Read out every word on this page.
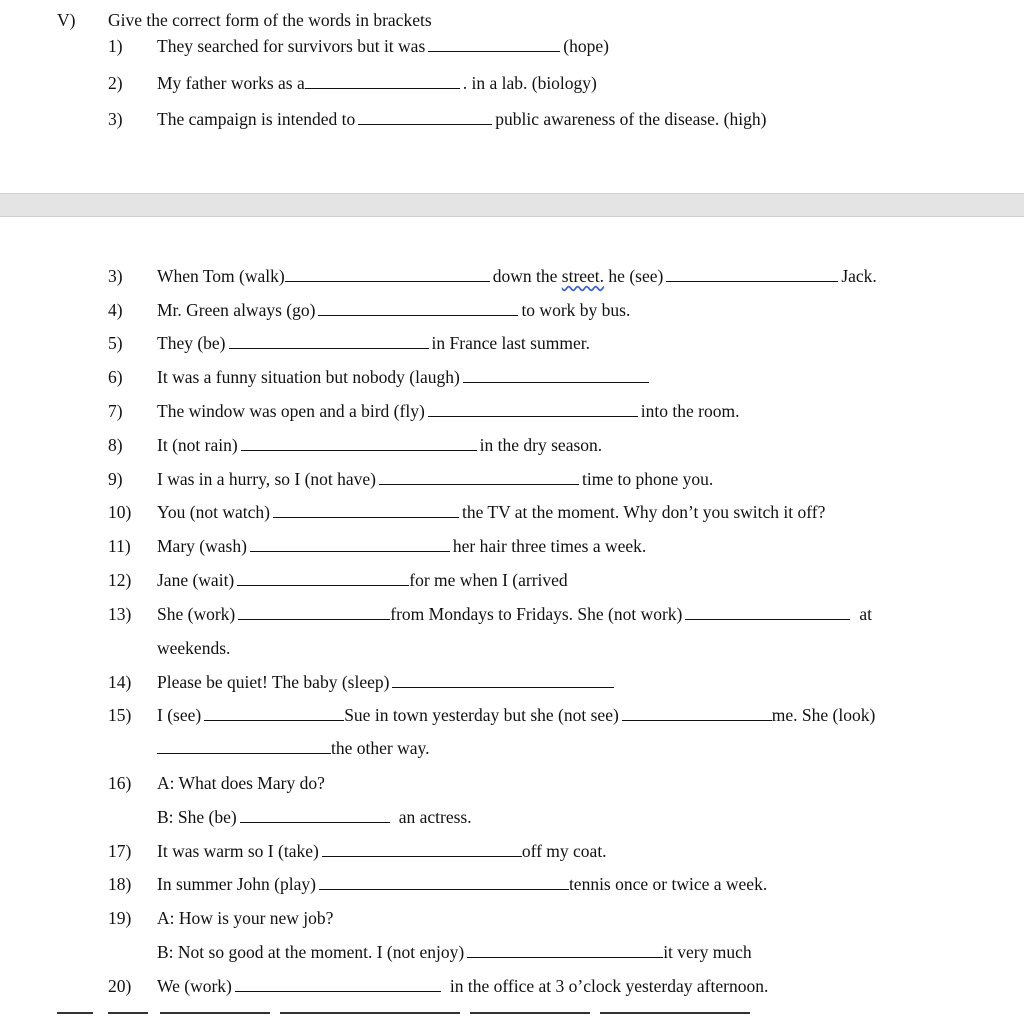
V) Give the correct form of the words in brackets
1) They searched for survivors but it was	(hope)
2) My father works as a	. in a lab. (biology)
3) The campaign is intended to	public awareness of the disease. (high)
3) When Tom (walk)	down the street. he (see)	Jack.
4) Mr. Green always (go)	to work by bus.
5) They (be)	in France last summer.
6) It was a funny situation but nobody (laugh)
7) The window was open and a bird (fly)	into the room.
8) It (not rain)	in the dry season.
9) I was in a hurry, so I (not have)	time to phone you.
10) You (not watch)	the TV at the moment. Why don’t you switch it off?
11) Mary (wash)	her hair three times a week.
12) Jane (wait)	for me when I (arrived
13) She (work)	from Mondays to Fridays. She (not work)	at
weekends.
14) Please be quiet! The baby (sleep)
15) I (see)	Sue in town yesterday but she (not see)	me. She (look)
the other way.
16) A: What does Mary do?
B: She (be)	an actress.
17) It was warm so I (take)	off my coat.
18) In summer John (play)	tennis once or twice a week.
19) A: How is your new job?
B: Not so good at the moment. I (not enjoy)	it very much
20) We (work)	in the office at 3 o’clock yesterday afternoon.
